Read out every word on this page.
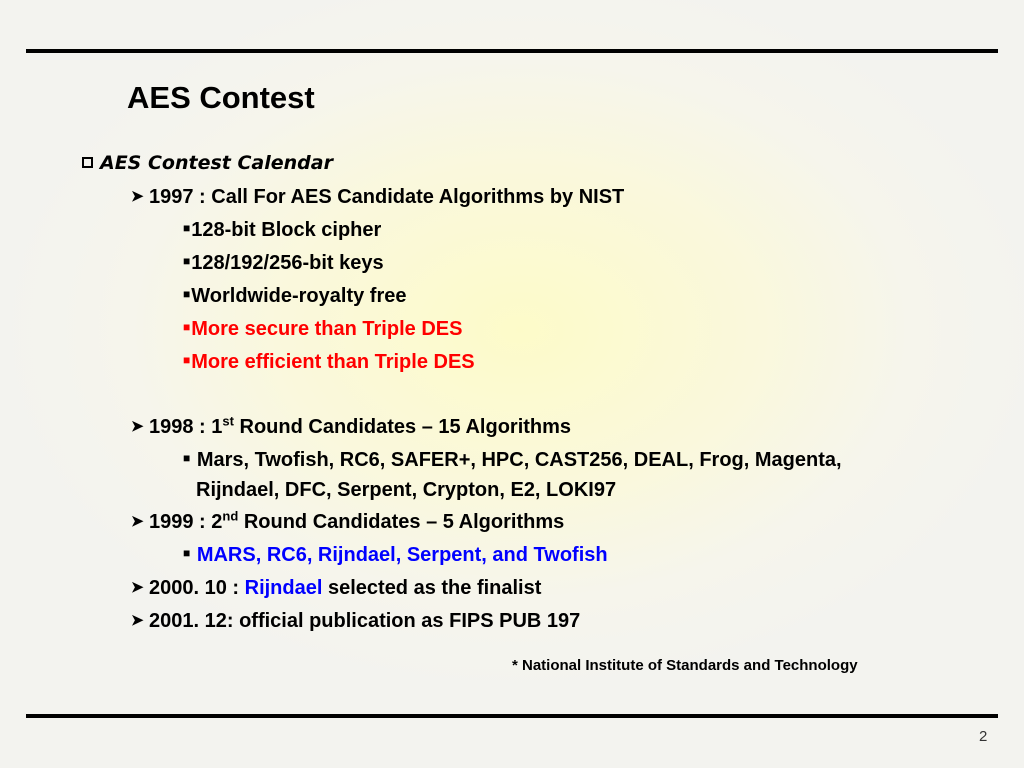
AES Contest
AES Contest Calendar
➤ 1997 : Call For AES Candidate Algorithms by NIST
■128-bit Block cipher
■128/192/256-bit keys
■Worldwide-royalty free
■More secure than Triple DES
■More efficient than Triple DES
➤ 1998 : 1st Round Candidates – 15 Algorithms
■ Mars, Twofish, RC6, SAFER+, HPC, CAST256, DEAL, Frog, Magenta,
Rijndael, DFC, Serpent, Crypton, E2, LOKI97
➤ 1999 : 2nd Round Candidates – 5 Algorithms
■ MARS, RC6, Rijndael, Serpent, and Twofish
➤ 2000. 10 : Rijndael selected as the finalist
➤ 2001. 12: official publication as FIPS PUB 197
* National Institute of Standards and Technology
2
